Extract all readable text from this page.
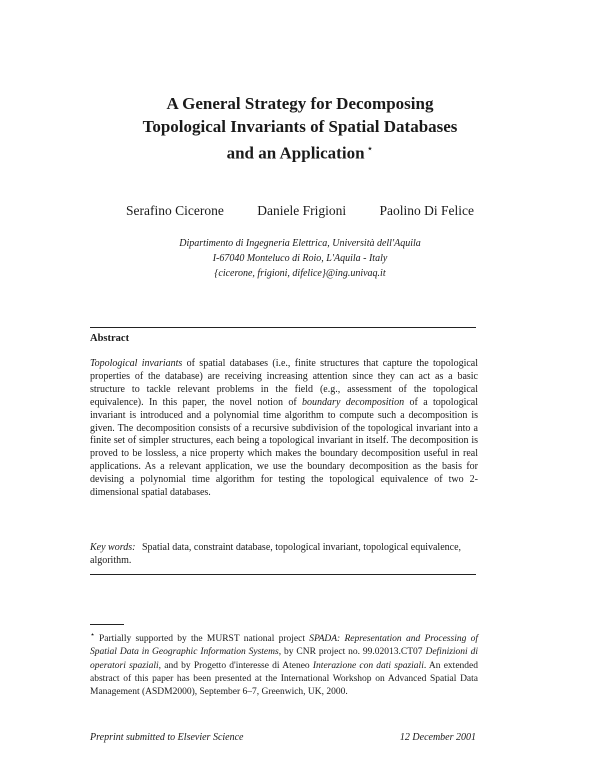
A General Strategy for Decomposing
Topological Invariants of Spatial Databases
and an Application ⋆
Serafino Cicerone Daniele Frigioni Paolino Di Felice
Dipartimento di Ingegneria Elettrica, Università dell'Aquila
I-67040 Monteluco di Roio, L'Aquila - Italy
{cicerone, frigioni, difelice}@ing.univaq.it
Abstract
Topological invariants of spatial databases (i.e., finite structures that capture the topological properties of the database) are receiving increasing attention since they can act as a basic structure to tackle relevant problems in the field (e.g., assessment of the topological equivalence). In this paper, the novel notion of boundary decomposition of a topological invariant is introduced and a polynomial time algorithm to compute such a decomposition is given. The decomposition consists of a recursive subdivision of the topological invariant into a finite set of simpler structures, each being a topological invariant in itself. The decomposition is proved to be lossless, a nice property which makes the boundary decomposition useful in real applications. As a relevant application, we use the boundary decomposition as the basis for devising a polynomial time algorithm for testing the topological equivalence of two 2-dimensional spatial databases.
Key words: Spatial data, constraint database, topological invariant, topological equivalence, algorithm.
⋆ Partially supported by the MURST national project SPADA: Representation and Processing of Spatial Data in Geographic Information Systems, by CNR project no. 99.02013.CT07 Definizioni di operatori spaziali, and by Progetto d'interesse di Ateneo Interazione con dati spaziali. An extended abstract of this paper has been presented at the International Workshop on Advanced Spatial Data Management (ASDM2000), September 6–7, Greenwich, UK, 2000.
Preprint submitted to Elsevier Science	12 December 2001
